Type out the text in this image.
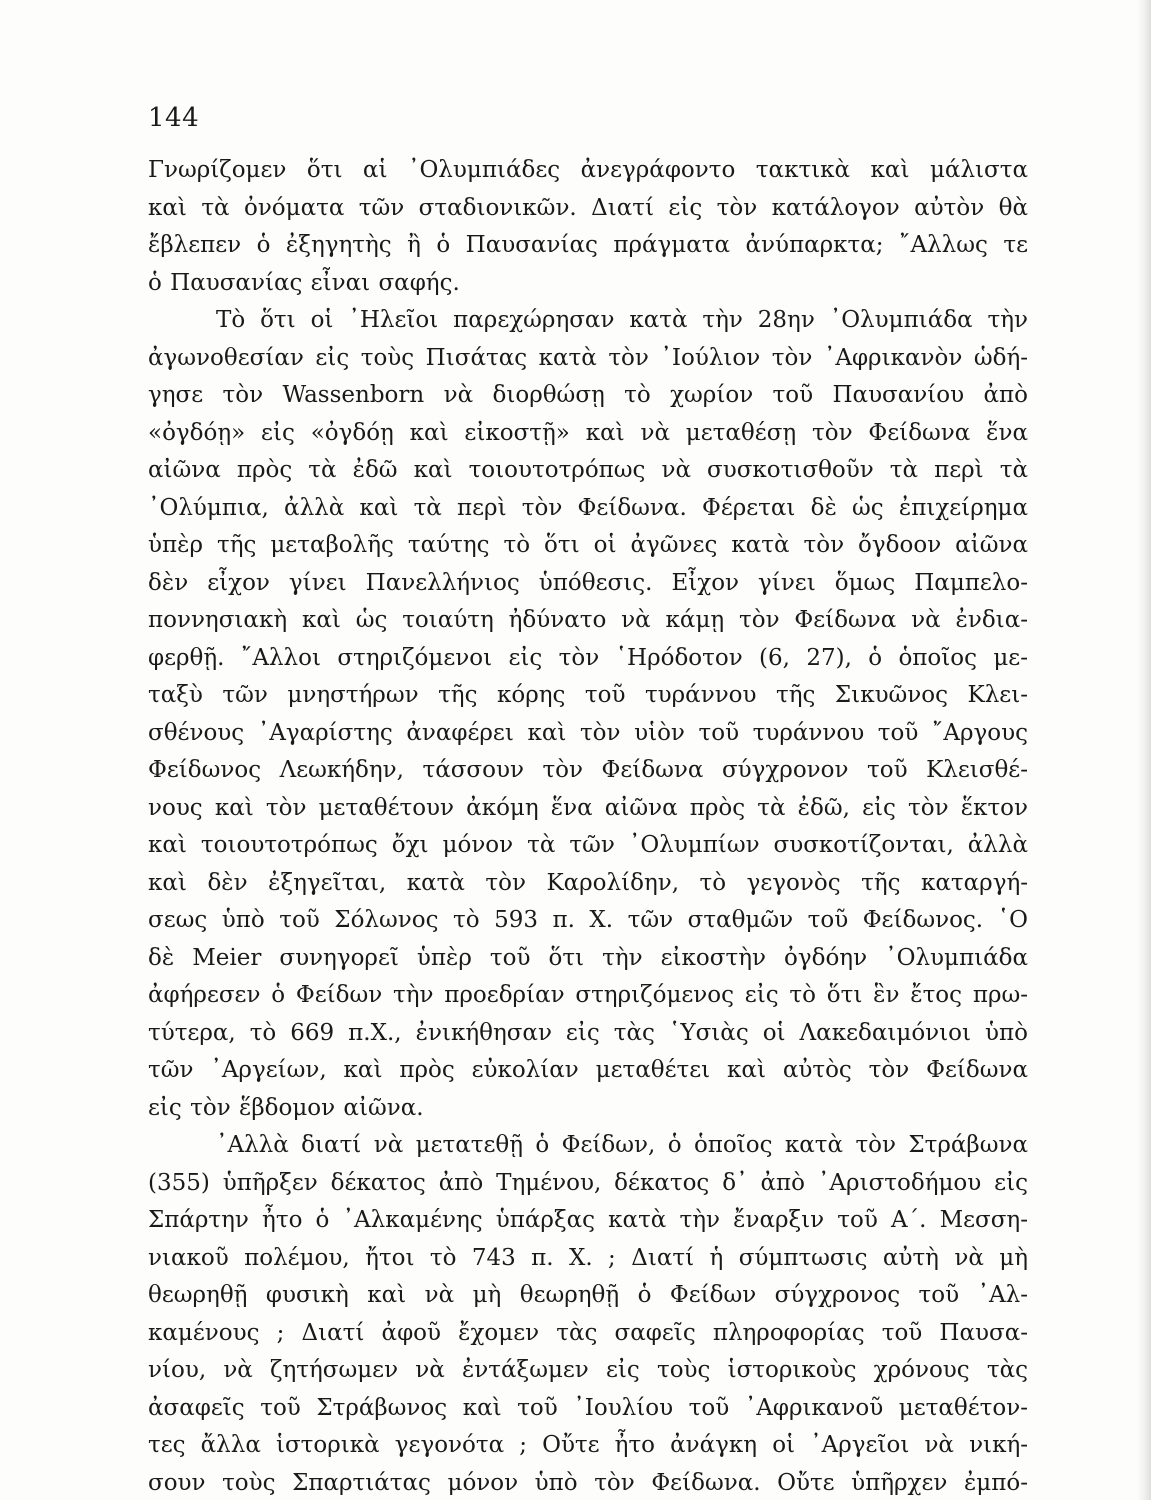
144
Γνωρίζομεν ὅτι αἱ ᾿Ολυμπιάδες ἀνεγράφοντο τακτικὰ καὶ μάλιστα
καὶ τὰ ὀνόματα τῶν σταδιονικῶν. Διατί εἰς τὸν κατάλογον αὐτὸν θὰ
ἔβλεπεν ὁ ἐξηγητὴς ἢ ὁ Παυσανίας πράγματα ἀνύπαρκτα; ῎Αλλως τε
ὁ Παυσανίας εἶναι σαφής.
Τὸ ὅτι οἱ ᾿Ηλεῖοι παρεχώρησαν κατὰ τὴν 28ην ᾿Ολυμπιάδα τὴν
ἀγωνοθεσίαν εἰς τοὺς Πισάτας κατὰ τὸν ᾿Ιούλιον τὸν ᾿Αφρικανὸν ὡδή-
γησε τὸν Wassenborn νὰ διορθώσῃ τὸ χωρίον τοῦ Παυσανίου ἀπὸ
«ὀγδόῃ» εἰς «ὀγδόῃ καὶ εἰκοστῇ» καὶ νὰ μεταθέσῃ τὸν Φείδωνα ἕνα
αἰῶνα πρὸς τὰ ἐδῶ καὶ τοιουτοτρόπως νὰ συσκοτισθοῦν τὰ περὶ τὰ
᾿Ολύμπια, ἀλλὰ καὶ τὰ περὶ τὸν Φείδωνα. Φέρεται δὲ ὡς ἐπιχείρημα
ὑπὲρ τῆς μεταβολῆς ταύτης τὸ ὅτι οἱ ἀγῶνες κατὰ τὸν ὄγδοον αἰῶνα
δὲν εἶχον γίνει Πανελλήνιος ὑπόθεσις. Εἶχον γίνει ὅμως Παμπελο-
ποννησιακὴ καὶ ὡς τοιαύτη ἠδύνατο νὰ κάμῃ τὸν Φείδωνα νὰ ἐνδια-
φερθῇ. ῎Αλλοι στηριζόμενοι εἰς τὸν ῾Ηρόδοτον (6, 27), ὁ ὁποῖος με-
ταξὺ τῶν μνηστήρων τῆς κόρης τοῦ τυράννου τῆς Σικυῶνος Κλει-
σθένους ᾿Αγαρίστης ἀναφέρει καὶ τὸν υἱὸν τοῦ τυράννου τοῦ ῎Αργους
Φείδωνος Λεωκήδην, τάσσουν τὸν Φείδωνα σύγχρονον τοῦ Κλεισθέ-
νους καὶ τὸν μεταθέτουν ἀκόμη ἕνα αἰῶνα πρὸς τὰ ἐδῶ, εἰς τὸν ἕκτον
καὶ τοιουτοτρόπως ὄχι μόνον τὰ τῶν ᾿Ολυμπίων συσκοτίζονται, ἀλλὰ
καὶ δὲν ἐξηγεῖται, κατὰ τὸν Καρολίδην, τὸ γεγονὸς τῆς καταργή-
σεως ὑπὸ τοῦ Σόλωνος τὸ 593 π. Χ. τῶν σταθμῶν τοῦ Φείδωνος. ῾Ο
δὲ Meier συνηγορεῖ ὑπὲρ τοῦ ὅτι τὴν εἰκοστὴν ὀγδόην ᾿Ολυμπιάδα
ἀφήρεσεν ὁ Φείδων τὴν προεδρίαν στηριζόμενος εἰς τὸ ὅτι ἓν ἔτος πρω-
τύτερα, τὸ 669 π.Χ., ἐνικήθησαν εἰς τὰς ῾Υσιὰς οἱ Λακεδαιμόνιοι ὑπὸ
τῶν ᾿Αργείων, καὶ πρὸς εὐκολίαν μεταθέτει καὶ αὐτὸς τὸν Φείδωνα
εἰς τὸν ἕβδομον αἰῶνα.
᾿Αλλὰ διατί νὰ μετατεθῇ ὁ Φείδων, ὁ ὁποῖος κατὰ τὸν Στράβωνα
(355) ὑπῆρξεν δέκατος ἀπὸ Τημένου, δέκατος δ᾿ ἀπὸ ᾿Αριστοδήμου εἰς
Σπάρτην ἦτο ὁ ᾿Αλκαμένης ὑπάρξας κατὰ τὴν ἔναρξιν τοῦ Α΄. Μεσση-
νιακοῦ πολέμου, ἤτοι τὸ 743 π. Χ. ; Διατί ἡ σύμπτωσις αὐτὴ νὰ μὴ
θεωρηθῇ φυσικὴ καὶ νὰ μὴ θεωρηθῇ ὁ Φείδων σύγχρονος τοῦ ᾿Αλ-
καμένους ; Διατί ἀφοῦ ἔχομεν τὰς σαφεῖς πληροφορίας τοῦ Παυσα-
νίου, νὰ ζητήσωμεν νὰ ἐντάξωμεν εἰς τοὺς ἱστορικοὺς χρόνους τὰς
ἀσαφεῖς τοῦ Στράβωνος καὶ τοῦ ᾿Ιουλίου τοῦ ᾿Αφρικανοῦ μεταθέτον-
τες ἄλλα ἱστορικὰ γεγονότα ; Οὔτε ἦτο ἀνάγκη οἱ ᾿Αργεῖοι νὰ νική-
σουν τοὺς Σπαρτιάτας μόνον ὑπὸ τὸν Φείδωνα. Οὔτε ὑπῆρχεν ἐμπό-
